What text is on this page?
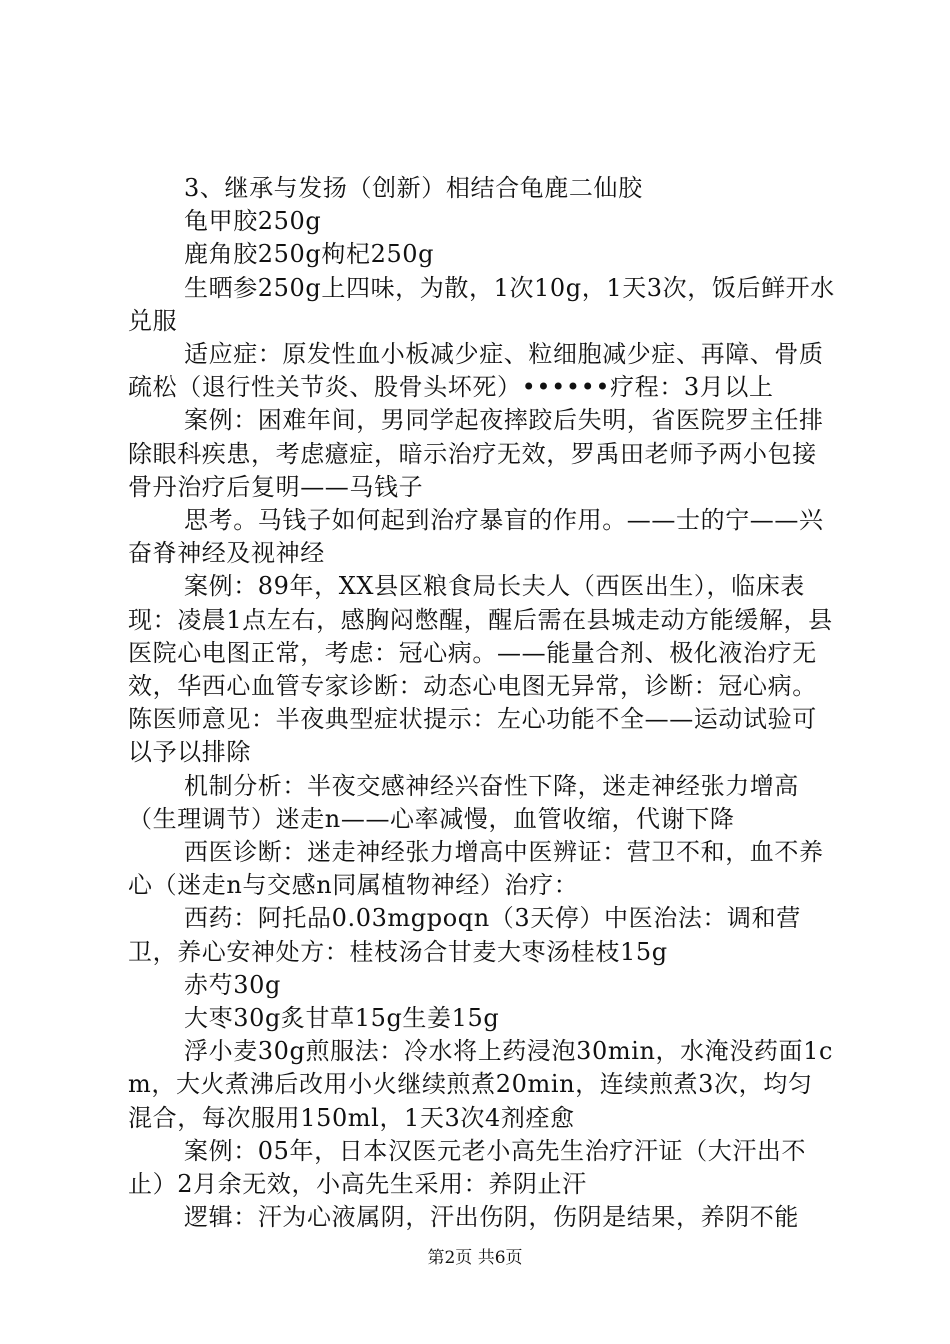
3、继承与发扬（创新）相结合龟鹿二仙胶

龟甲胶250g

鹿角胶250g枸杞250g

生晒参250g上四味，为散，1次10g，1天3次，饭后鲜开水兑服

适应症：原发性血小板减少症、粒细胞减少症、再障、骨质疏松（退行性关节炎、股骨头坏死）••••••疗程：3月以上

案例：困难年间，男同学起夜摔跤后失明，省医院罗主任排除眼科疾患，考虑癔症，暗示治疗无效，罗禹田老师予两小包接骨丹治疗后复明——马钱子

思考。马钱子如何起到治疗暴盲的作用。——士的宁——兴奋脊神经及视神经

案例：89年，XX县区粮食局长夫人（西医出生），临床表现：凌晨1点左右，感胸闷憋醒，醒后需在县城走动方能缓解，县医院心电图正常，考虑：冠心病。——能量合剂、极化液治疗无效，华西心血管专家诊断：动态心电图无异常，诊断：冠心病。陈医师意见：半夜典型症状提示：左心功能不全——运动试验可以予以排除

机制分析：半夜交感神经兴奋性下降，迷走神经张力增高（生理调节）迷走n——心率减慢，血管收缩，代谢下降

西医诊断：迷走神经张力增高中医辨证：营卫不和，血不养心（迷走n与交感n同属植物神经）治疗：

西药：阿托品0.03mgpoqn（3天停）中医治法：调和营卫，养心安神处方：桂枝汤合甘麦大枣汤桂枝15g

赤芍30g

大枣30g炙甘草15g生姜15g

浮小麦30g煎服法：冷水将上药浸泡30min，水淹没药面1cm，大火煮沸后改用小火继续煎煮20min，连续煎煮3次，均匀混合，每次服用150ml，1天3次4剂痊愈

案例：05年，日本汉医元老小高先生治疗汗证（大汗出不止）2月余无效，小高先生采用：养阴止汗

逻辑：汗为心液属阴，汗出伤阴，伤阴是结果，养阴不能

第2页 共6页
